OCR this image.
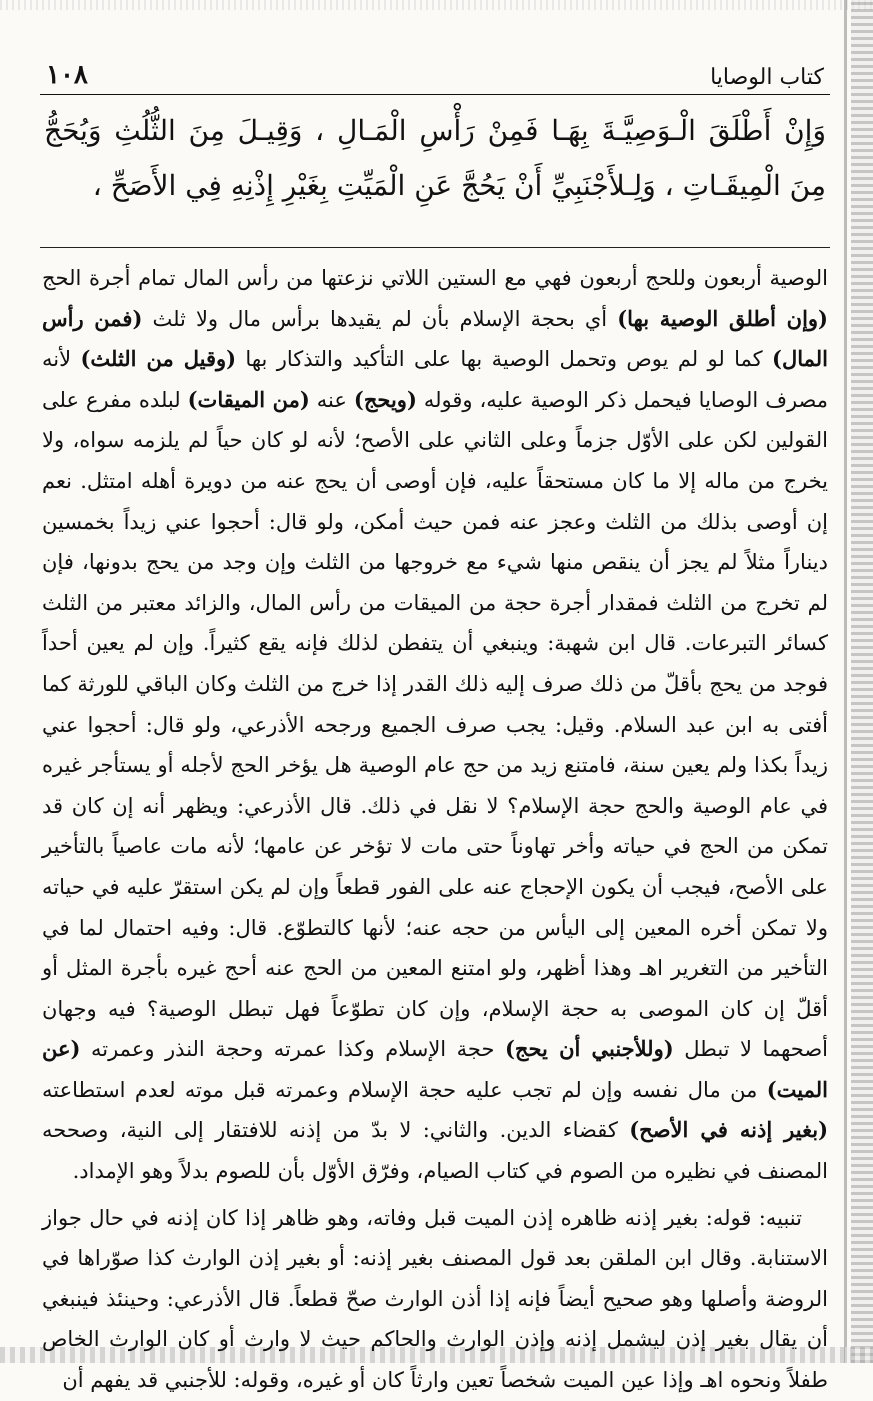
كتاب الوصايا
١٠٨

وَإِنْ أَطْلَقَ الْـوَصِيَّـةَ بِهَـا فَمِنْ رَأْسِ الْمَـالِ ، وَقِيـلَ مِنَ الثُّلُثِ وَيُحَجُّ مِنَ الْمِيقَـاتِ ، وَلِـلأَجْنَبِيِّ أَنْ يَحُجَّ عَنِ الْمَيِّتِ بِغَيْرِ إِذْنِهِ فِي الأَصَحِّ ،

الوصية أربعون وللحج أربعون فهي مع الستين اللاتي نزعتها من رأس المال تمام أجرة الحج (وإن أطلق الوصية بها) أي بحجة الإسلام بأن لم يقيدها برأس مال ولا ثلث (فمن رأس المال) كما لو لم يوص وتحمل الوصية بها على التأكيد والتذكار بها (وقيل من الثلث) لأنه مصرف الوصايا فيحمل ذكر الوصية عليه، وقوله (ويحج) عنه (من الميقات) لبلده مفرع على القولين لكن على الأوّل جزماً وعلى الثاني على الأصح؛ لأنه لو كان حياً لم يلزمه سواه، ولا يخرج من ماله إلا ما كان مستحقاً عليه، فإن أوصى أن يحج عنه من دويرة أهله امتثل. نعم إن أوصى بذلك من الثلث وعجز عنه فمن حيث أمكن، ولو قال: أحجوا عني زيداً بخمسين ديناراً مثلاً لم يجز أن ينقص منها شيء مع خروجها من الثلث وإن وجد من يحج بدونها، فإن لم تخرج من الثلث فمقدار أجرة حجة من الميقات من رأس المال، والزائد معتبر من الثلث كسائر التبرعات. قال ابن شهبة: وينبغي أن يتفطن لذلك فإنه يقع كثيراً. وإن لم يعين أحداً فوجد من يحج بأقلّ من ذلك صرف إليه ذلك القدر إذا خرج من الثلث وكان الباقي للورثة كما أفتى به ابن عبد السلام. وقيل: يجب صرف الجميع ورجحه الأذرعي، ولو قال: أحجوا عني زيداً بكذا ولم يعين سنة، فامتنع زيد من حج عام الوصية هل يؤخر الحج لأجله أو يستأجر غيره في عام الوصية والحج حجة الإسلام؟ لا نقل في ذلك. قال الأذرعي: ويظهر أنه إن كان قد تمكن من الحج في حياته وأخر تهاوناً حتى مات لا تؤخر عن عامها؛ لأنه مات عاصياً بالتأخير على الأصح، فيجب أن يكون الإحجاج عنه على الفور قطعاً وإن لم يكن استقرّ عليه في حياته ولا تمكن أخره المعين إلى اليأس من حجه عنه؛ لأنها كالتطوّع. قال: وفيه احتمال لما في التأخير من التغرير اهـ وهذا أظهر، ولو امتنع المعين من الحج عنه أحج غيره بأجرة المثل أو أقلّ إن كان الموصى به حجة الإسلام، وإن كان تطوّعاً فهل تبطل الوصية؟ فيه وجهان أصحهما لا تبطل (وللأجنبي أن يحج) حجة الإسلام وكذا عمرته وحجة النذر وعمرته (عن الميت) من مال نفسه وإن لم تجب عليه حجة الإسلام وعمرته قبل موته لعدم استطاعته (بغير إذنه في الأصح) كقضاء الدين. والثاني: لا بدّ من إذنه للافتقار إلى النية، وصححه المصنف في نظيره من الصوم في كتاب الصيام، وفرّق الأوّل بأن للصوم بدلاً وهو الإمداد.

تنبيه: قوله: بغير إذنه ظاهره إذن الميت قبل وفاته، وهو ظاهر إذا كان إذنه في حال جواز الاستنابة. وقال ابن الملقن بعد قول المصنف بغير إذنه: أو بغير إذن الوارث كذا صوّراها في الروضة وأصلها وهو صحيح أيضاً فإنه إذا أذن الوارث صحّ قطعاً. قال الأذرعي: وحينئذ فينبغي أن يقال بغير إذن ليشمل إذنه وإذن الوارث والحاكم حيث لا وارث أو كان الوارث الخاص طفلاً ونحوه اهـ وإذا عين الميت شخصاً تعين وارثاً كان أو غيره، وقوله: للأجنبي قد يفهم أن
